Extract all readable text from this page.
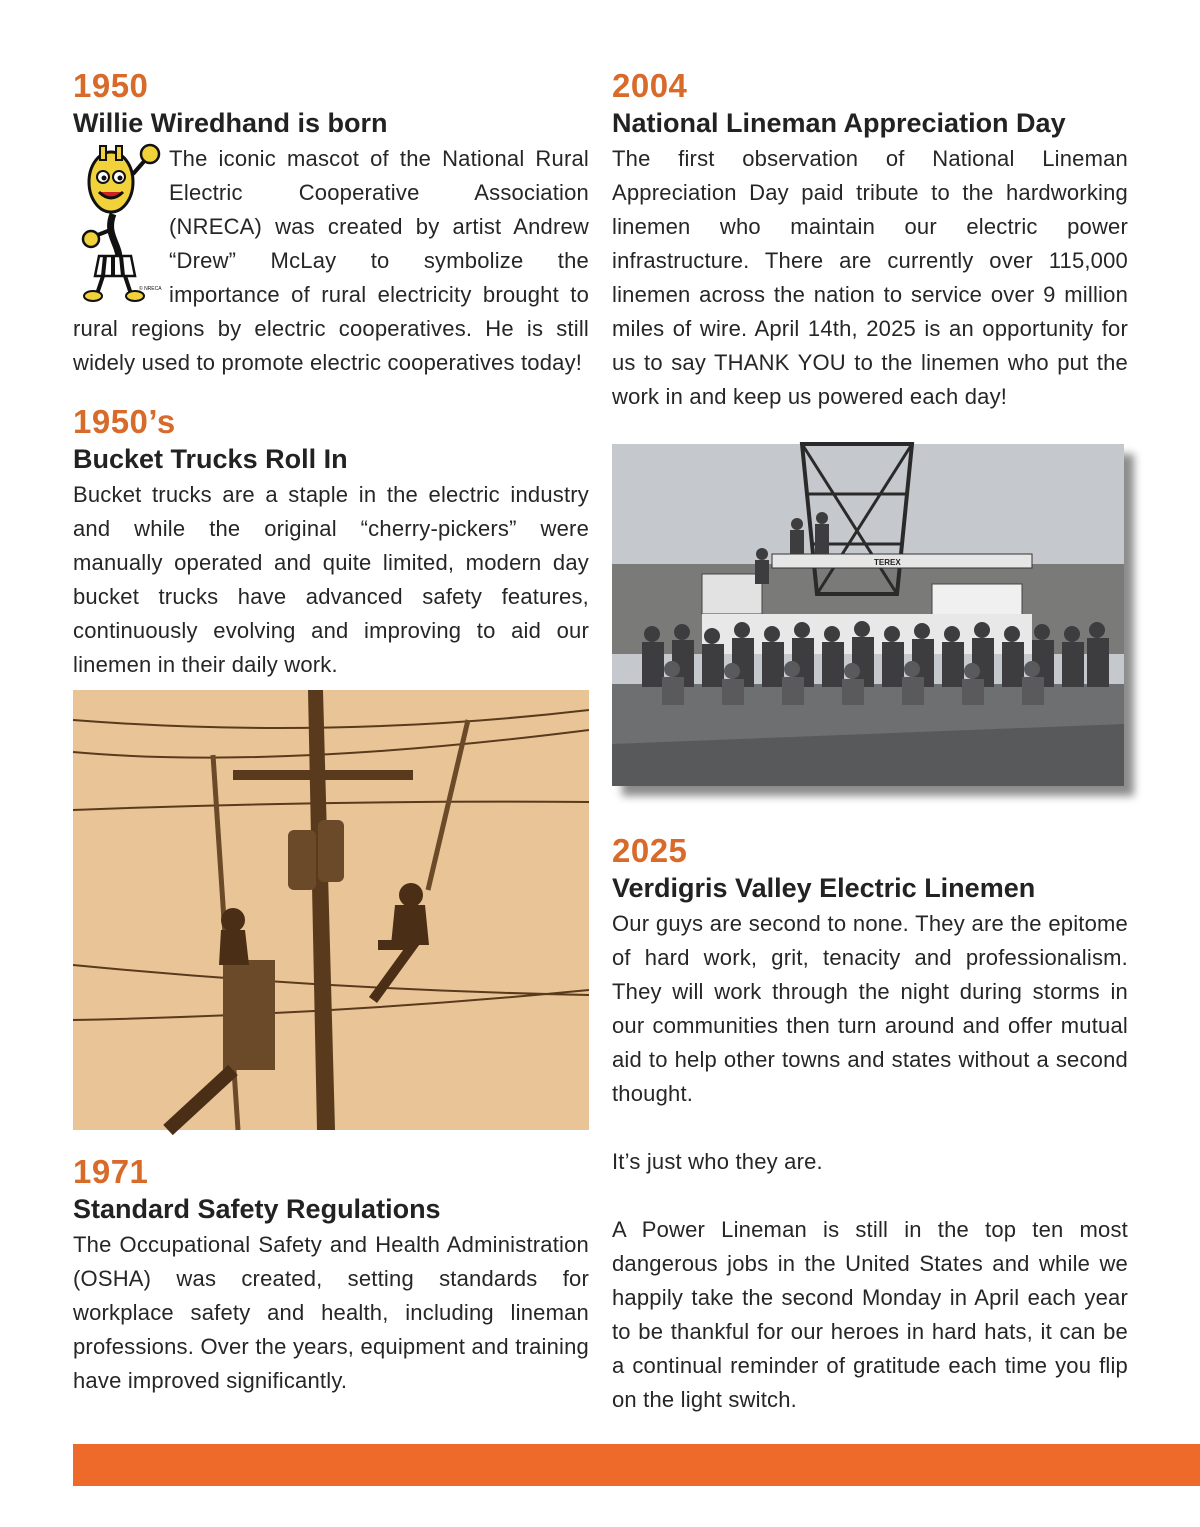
1950
Willie Wiredhand is born
© NRECA

The iconic mascot of the National Rural Electric Cooperative Association (NRECA) was created by artist Andrew “Drew” McLay to symbolize the importance of rural electricity brought to rural regions by electric cooperatives. He is still widely used to promote electric cooperatives today!

1950’s
Bucket Trucks Roll In

Bucket trucks are a staple in the electric industry and while the original “cherry-pickers” were manually operated and quite limited, modern day bucket trucks have advanced safety features, continuously evolving and improving to aid our linemen in their daily work.

1971
Standard Safety Regulations

The Occupational Safety and Health Administration (OSHA) was created, setting standards for workplace safety and health, including lineman professions. Over the years, equipment and training have improved significantly.

2004
National Lineman Appreciation Day

The first observation of National Lineman Appreciation Day paid tribute to the hardworking linemen who maintain our electric power infrastructure. There are currently over 115,000 linemen across the nation to service over 9 million miles of wire. April 14th, 2025 is an opportunity for us to say THANK YOU to the linemen who put the work in and keep us powered each day!

TEREX
2025
Verdigris Valley Electric Linemen

Our guys are second to none. They are the epitome of hard work, grit, tenacity and professionalism. They will work through the night during storms in our communities then turn around and offer mutual aid to help other towns and states without a second thought.

It’s just who they are.

A Power Lineman is still in the top ten most dangerous jobs in the United States and while we happily take the second Monday in April each year to be thankful for our heroes in hard hats, it can be a continual reminder of gratitude each time you flip on the light switch.
